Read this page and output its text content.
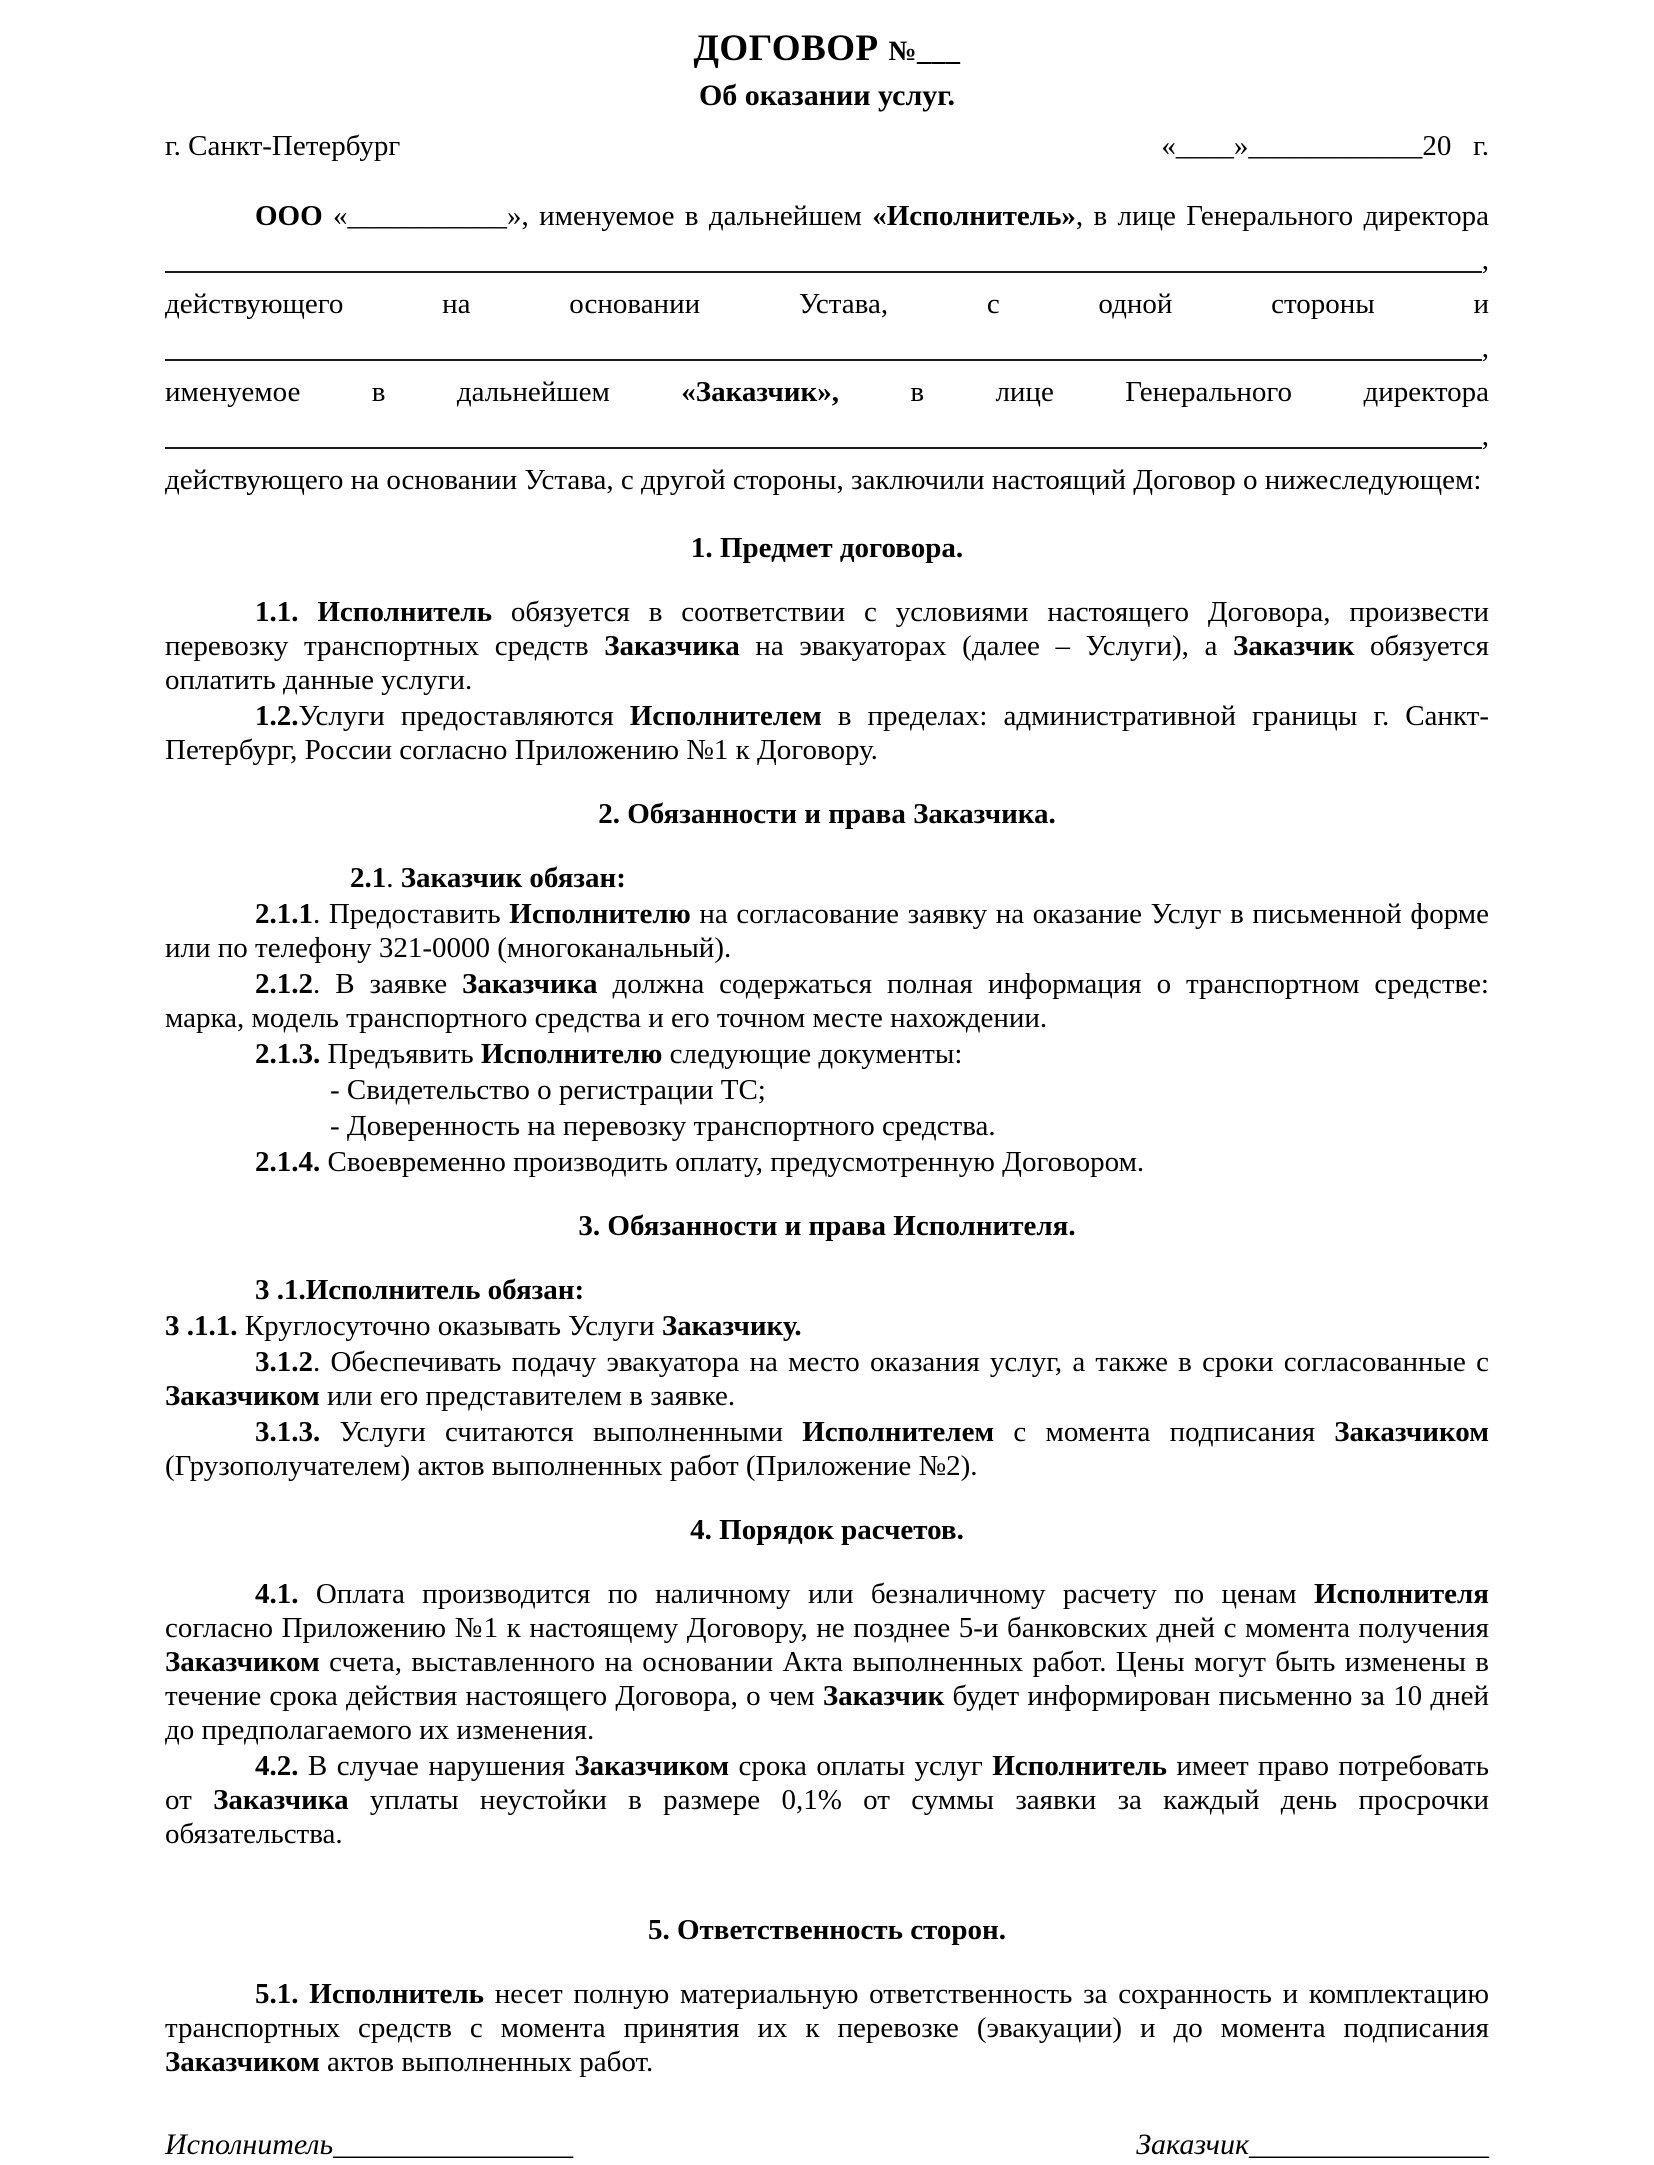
ДОГОВОР №___
Об оказании услуг.
г. Санкт-Петербург	«____»____________20   г.
ООО «___________», именуемое в дальнейшем «Исполнитель», в лице Генерального директора
,
действующего на основании Устава, с одной стороны и
,
именуемое в дальнейшем «Заказчик», в лице Генерального директора
,
действующего на основании Устава, с другой стороны, заключили настоящий Договор о нижеследующем:
1. Предмет договора.
1.1. Исполнитель обязуется в соответствии с условиями настоящего Договора, произвести перевозку транспортных средств Заказчика на эвакуаторах (далее – Услуги), а Заказчик обязуется оплатить данные услуги.
1.2.Услуги предоставляются Исполнителем в пределах: административной границы г. Санкт-Петербург, России согласно Приложению №1 к Договору.
2. Обязанности и права Заказчика.
2.1. Заказчик обязан:
2.1.1. Предоставить Исполнителю на согласование заявку на оказание Услуг в письменной форме или по телефону 321-0000 (многоканальный).
2.1.2. В заявке Заказчика должна содержаться полная информация о транспортном средстве: марка, модель транспортного средства и его точном месте нахождении.
2.1.3. Предъявить Исполнителю следующие документы:
- Свидетельство о регистрации ТС;
- Доверенность на перевозку транспортного средства.
2.1.4. Своевременно производить оплату, предусмотренную Договором.
3. Обязанности и права Исполнителя.
3 .1.Исполнитель обязан:
3 .1.1. Круглосуточно оказывать Услуги Заказчику.
3.1.2. Обеспечивать подачу эвакуатора на место оказания услуг, а также в сроки согласованные с Заказчиком или его представителем в заявке.
3.1.3. Услуги считаются выполненными Исполнителем с момента подписания Заказчиком (Грузополучателем) актов выполненных работ (Приложение №2).
4. Порядок расчетов.
4.1. Оплата производится по наличному или безналичному расчету по ценам Исполнителя согласно Приложению №1 к настоящему Договору, не позднее 5-и банковских дней с момента получения Заказчиком счета, выставленного на основании Акта выполненных работ. Цены могут быть изменены в течение срока действия настоящего Договора, о чем Заказчик будет информирован письменно за 10 дней до предполагаемого их изменения.
4.2. В случае нарушения Заказчиком срока оплаты услуг Исполнитель имеет право потребовать от Заказчика уплаты неустойки в размере 0,1% от суммы заявки за каждый день просрочки обязательства.
5. Ответственность сторон.
5.1. Исполнитель несет полную материальную ответственность за сохранность и комплектацию транспортных средств с момента принятия их к перевозке (эвакуации) и до момента подписания Заказчиком актов выполненных работ.
Исполнитель________________	Заказчик________________
